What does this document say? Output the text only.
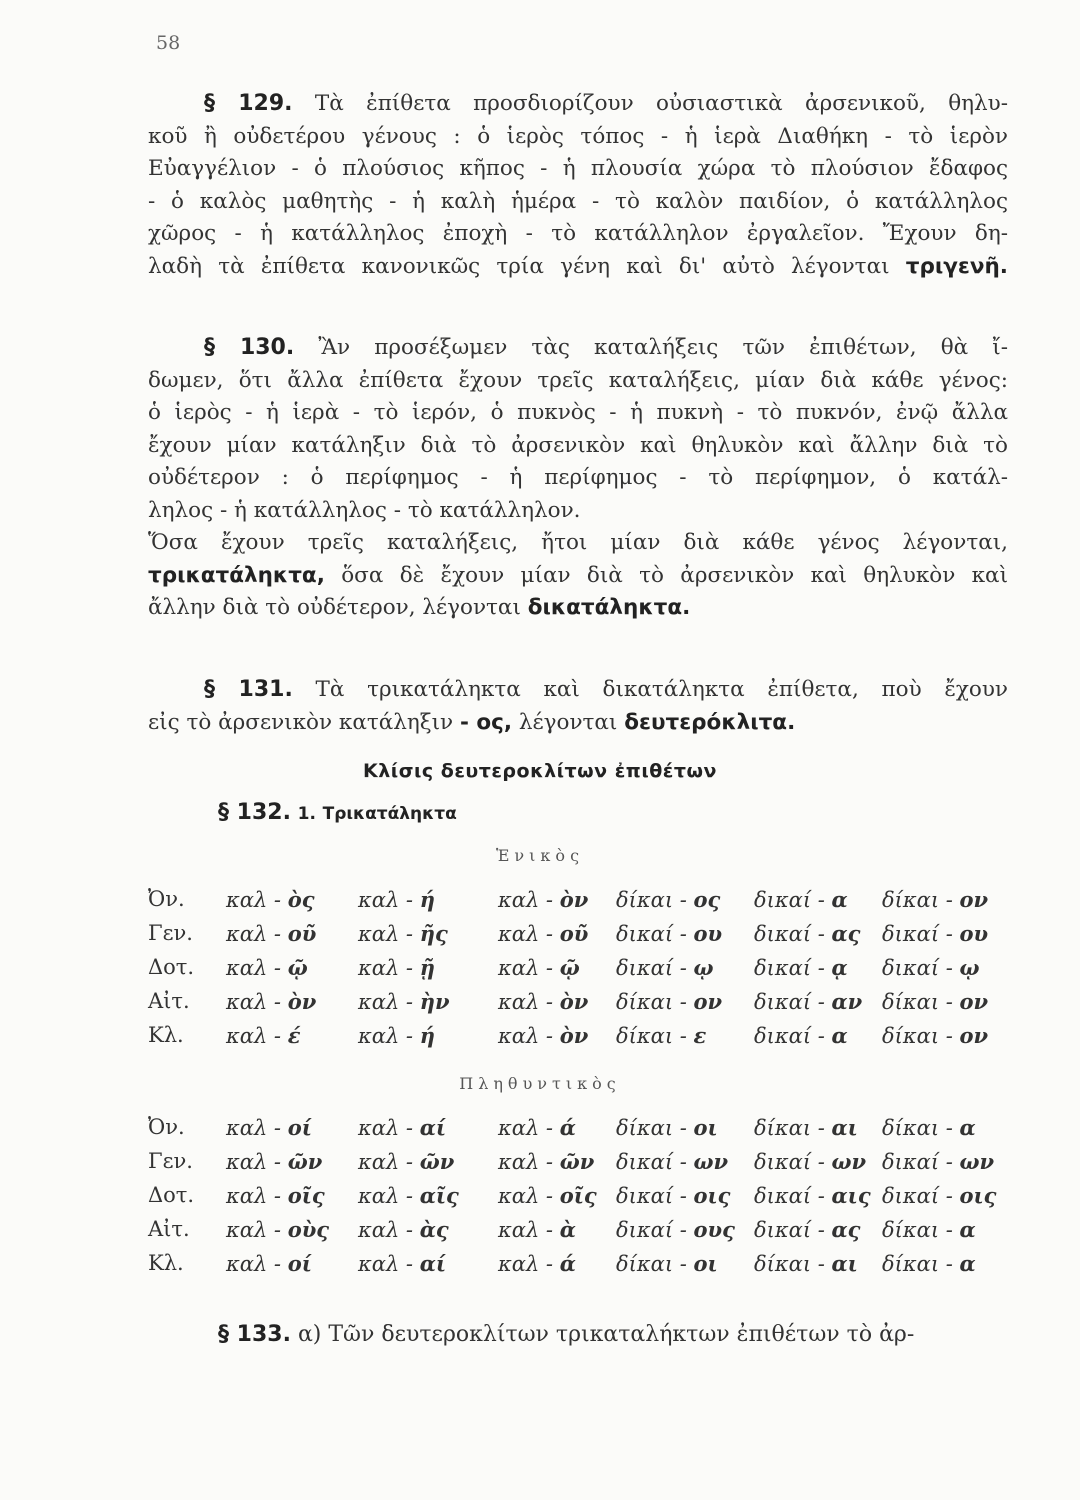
58
§ 129. Τὰ ἐπίθετα προσδιορίζουν οὐσιαστικὰ ἀρσενικοῦ, θηλυ-
κοῦ ἢ οὐδετέρου γένους : ὁ ἱερὸς τόπος - ἡ ἱερὰ Διαθήκη - τὸ ἱερὸν
Εὐαγγέλιον - ὁ πλούσιος κῆπος - ἡ πλουσία χώρα τὸ πλούσιον ἔδαφος
- ὁ καλὸς μαθητὴς - ἡ καλὴ ἡμέρα - τὸ καλὸν παιδίον, ὁ κατάλληλος
χῶρος - ἡ κατάλληλος ἐποχὴ - τὸ κατάλληλον ἐργαλεῖον. Ἔχουν δη-
λαδὴ τὰ ἐπίθετα κανονικῶς τρία γένη καὶ δι' αὐτὸ λέγονται τριγενῆ.
§ 130. Ἂν προσέξωμεν τὰς καταλήξεις τῶν ἐπιθέτων, θὰ ἴ-
δωμεν, ὅτι ἄλλα ἐπίθετα ἔχουν τρεῖς καταλήξεις, μίαν διὰ κάθε γένος:
ὁ ἱερὸς - ἡ ἱερὰ - τὸ ἱερόν, ὁ πυκνὸς - ἡ πυκνὴ - τὸ πυκνόν, ἐνῷ ἄλλα
ἔχουν μίαν κατάληξιν διὰ τὸ ἀρσενικὸν καὶ θηλυκὸν καὶ ἄλλην διὰ τὸ
οὐδέτερον : ὁ περίφημος - ἡ περίφημος - τὸ περίφημον, ὁ κατάλ-
ληλος - ἡ κατάλληλος - τὸ κατάλληλον.
Ὅσα ἔχουν τρεῖς καταλήξεις, ἤτοι μίαν διὰ κάθε γένος λέγονται,
τρικατάληκτα, ὅσα δὲ ἔχουν μίαν διὰ τὸ ἀρσενικὸν καὶ θηλυκὸν καὶ
ἄλλην διὰ τὸ οὐδέτερον, λέγονται δικατάληκτα.
§ 131. Τὰ τρικατάληκτα καὶ δικατάληκτα ἐπίθετα, ποὺ ἔχουν
εἰς τὸ ἀρσενικὸν κατάληξιν - ος, λέγονται δευτερόκλιτα.
Κλίσις δευτεροκλίτων ἐπιθέτων
§ 132. 1. Τρικατάληκτα
Ἑνικὸς
Ὀν.	καλ - ὸς	καλ - ή	καλ - ὸν	δίκαι - ος	δικαί - α	δίκαι - ον
Γεν.	καλ - οῦ	καλ - ῆς	καλ - οῦ	δικαί - ου	δικαί - ας	δικαί - ου
Δοτ.	καλ - ῷ	καλ - ῇ	καλ - ῷ	δικαί - ῳ	δικαί - ᾳ	δικαί - ῳ
Αἰτ.	καλ - ὸν	καλ - ὴν	καλ - ὸν	δίκαι - ον	δικαί - αν	δίκαι - ον
Κλ.	καλ - έ	καλ - ή	καλ - ὸν	δίκαι - ε	δικαί - α	δίκαι - ον
Πληθυντικὸς
Ὀν.	καλ - οί	καλ - αί	καλ - ά	δίκαι - οι	δίκαι - αι	δίκαι - α
Γεν.	καλ - ῶν	καλ - ῶν	καλ - ῶν	δικαί - ων	δικαί - ων	δικαί - ων
Δοτ.	καλ - οῖς	καλ - αῖς	καλ - οῖς	δικαί - οις	δικαί - αις	δικαί - οις
Αἰτ.	καλ - οὺς	καλ - ὰς	καλ - ὰ	δικαί - ους	δικαί - ας	δίκαι - α
Κλ.	καλ - οί	καλ - αί	καλ - ά	δίκαι - οι	δίκαι - αι	δίκαι - α
§ 133. α) Τῶν δευτεροκλίτων τρικαταλήκτων ἐπιθέτων τὸ ἀρ-
